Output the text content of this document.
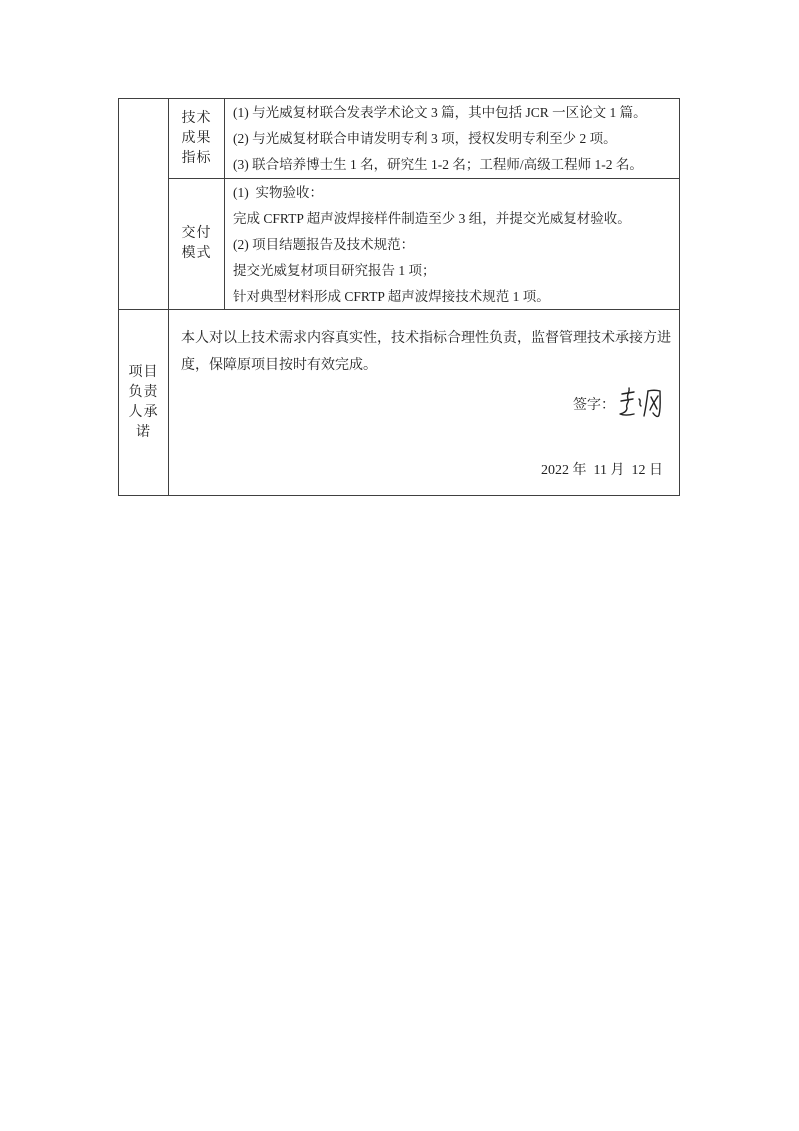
技术成果指标
(1) 与光威复材联合发表学术论文 3 篇，其中包括 JCR 一区论文 1 篇。
(2) 与光威复材联合申请发明专利 3 项，授权发明专利至少 2 项。
(3) 联合培养博士生 1 名，研究生 1-2 名；工程师/高级工程师 1-2 名。
交付模式
(1)  实物验收：
完成 CFRTP 超声波焊接样件制造至少 3 组，并提交光威复材验收。
(2) 项目结题报告及技术规范：
提交光威复材项目研究报告 1 项；
针对典型材料形成 CFRTP 超声波焊接技术规范 1 项。
项目负责人承诺
本人对以上技术需求内容真实性，技术指标合理性负责，监督管理技术承接方进度，保障原项目按时有效完成。
签字：
2022 年  11 月  12 日
